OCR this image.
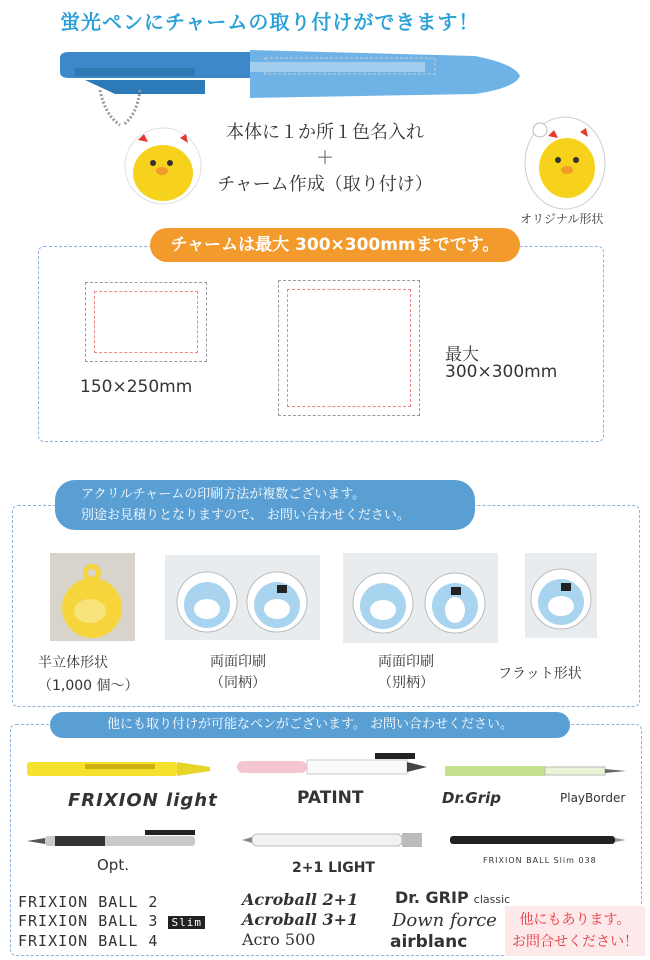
蛍光ペンにチャームの取り付けができます！
本体に１か所１色名入れ
＋
チャーム作成（取り付け）
オリジナル形状
チャームは最大 300×300mmまでです。
150×250mm
最大
300×300mm
アクリルチャームの印刷方法が複数ございます。
別途お見積りとなりますので、 お問い合わせください。
半立体形状
（1,000 個～）
両面印刷
（同柄）
両面印刷
（別柄）
フラット形状
他にも取り付けが可能なペンがございます。 お問い合わせください。
FRIXION light	PATINT	Dr.Grip	PlayBorder
Opt.	2+1 LIGHT	FRIXION BALL Slim 038
FRIXION BALL 2
FRIXION BALL 3 Slim
FRIXION BALL 4
Acroball 2+1
Acroball 3+1
Acro 500
Dr. GRIP classic
Down force
airblanc
他にもあります。
お問合せください！
